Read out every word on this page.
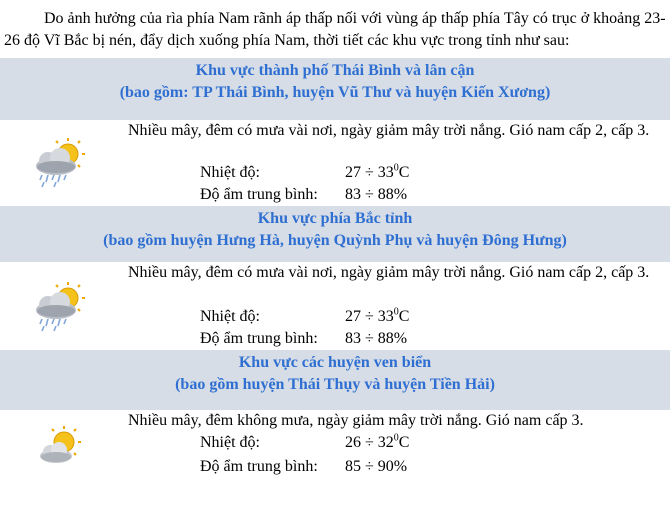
Do ảnh hưởng của rìa phía Nam rãnh áp thấp nối với vùng áp thấp phía Tây có trục ở khoảng 23-26 độ Vĩ Bắc bị nén, đẩy dịch xuống phía Nam, thời tiết các khu vực trong tỉnh như sau:
Khu vực thành phố Thái Bình và lân cận
(bao gồm: TP Thái Bình, huyện Vũ Thư và huyện Kiến Xương)
Nhiều mây, đêm có mưa vài nơi, ngày giảm mây trời nắng. Gió nam cấp 2, cấp 3.
Nhiệt độ:	$27 \div 33^0C$
Độ ẩm trung bình: 83 ÷ 88%
Khu vực phía Bắc tỉnh
(bao gồm huyện Hưng Hà, huyện Quỳnh Phụ và huyện Đông Hưng)
Nhiều mây, đêm có mưa vài nơi, ngày giảm mây trời nắng. Gió nam cấp 2, cấp 3.
Nhiệt độ:	$27 \div 33^0C$
Độ ẩm trung bình: 83 ÷ 88%
Khu vực các huyện ven biển
(bao gồm huyện Thái Thụy và huyện Tiền Hải)
Nhiều mây, đêm không mưa, ngày giảm mây trời nắng. Gió nam cấp 3.
Nhiệt độ:	$26 \div 32^0C$
Độ ẩm trung bình: 85 ÷ 90%
